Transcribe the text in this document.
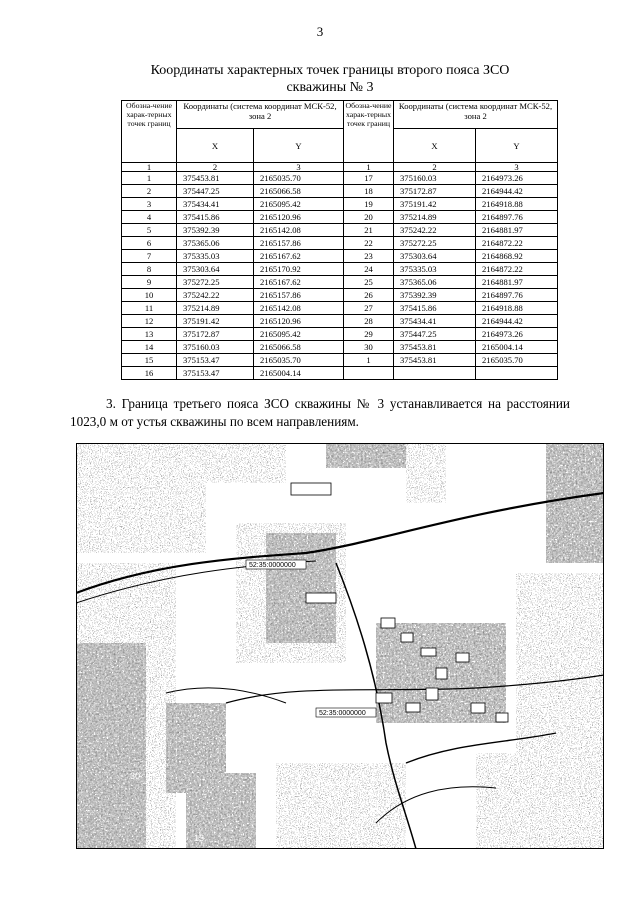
3
Координаты характерных точек границы второго пояса ЗСО
скважины № 3
Обозна-чение харак-терных точек границ	Координаты (система координат МСК-52, зона 2		Обозна-чение харак-терных точек границ	Координаты (система координат МСК-52, зона 2	
	X	Y		X	Y
1	2	3	1	2	3
1	375453.81	2165035.70	17	375160.03	2164973.26
2	375447.25	2165066.58	18	375172.87	2164944.42
3	375434.41	2165095.42	19	375191.42	2164918.88
4	375415.86	2165120.96	20	375214.89	2164897.76
5	375392.39	2165142.08	21	375242.22	2164881.97
6	375365.06	2165157.86	22	375272.25	2164872.22
7	375335.03	2165167.62	23	375303.64	2164868.92
8	375303.64	2165170.92	24	375335.03	2164872.22
9	375272.25	2165167.62	25	375365.06	2164881.97
10	375242.22	2165157.86	26	375392.39	2164897.76
11	375214.89	2165142.08	27	375415.86	2164918.88
12	375191.42	2165120.96	28	375434.41	2164944.42
13	375172.87	2165095.42	29	375447.25	2164973.26
14	375160.03	2165066.58	30	375453.81	2165004.14
15	375153.47	2165035.70	1	375453.81	2165035.70
16	375153.47	2165004.14			
3. Граница третьего пояса ЗСО скважины № 3 устанавливается на расстоянии 1023,0 м от устья скважины по всем направлениям.
52:35:0000000
52:35:0000000
30
13
